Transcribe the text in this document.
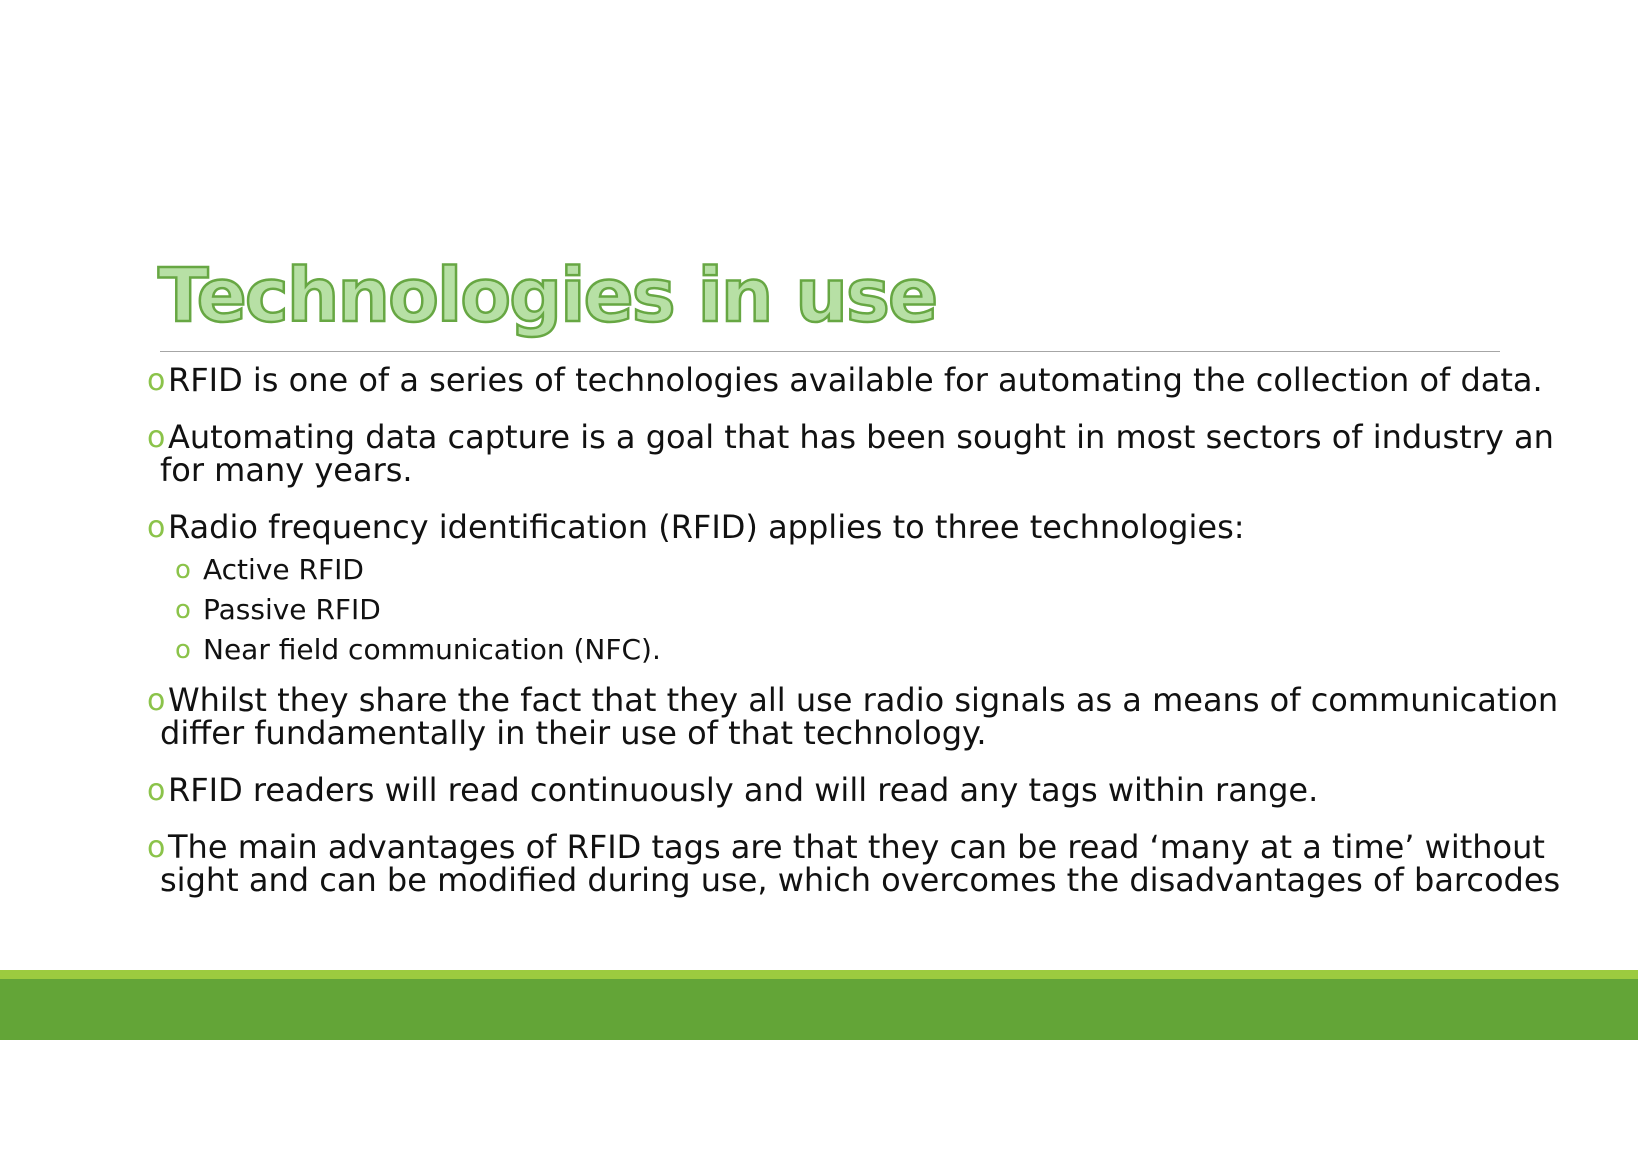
Technologies in use
o RFID is one of a series of technologies available for automating the collection of data.
o Automating data capture is a goal that has been sought in most sectors of industry an
for many years.
o Radio frequency identification (RFID) applies to three technologies:
o Active RFID
o Passive RFID
o Near field communication (NFC).
o Whilst they share the fact that they all use radio signals as a means of communication
differ fundamentally in their use of that technology.
o RFID readers will read continuously and will read any tags within range.
o The main advantages of RFID tags are that they can be read ‘many at a time’ without
sight and can be modified during use, which overcomes the disadvantages of barcodes
